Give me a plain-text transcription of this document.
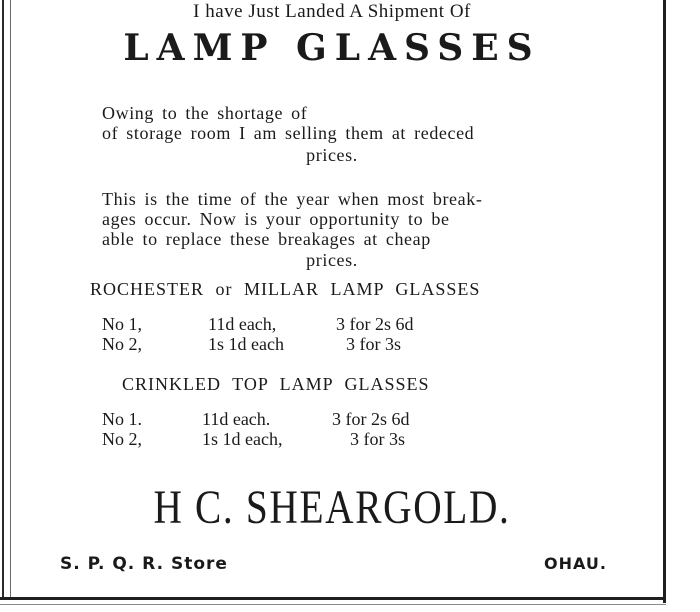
I have Just Landed A Shipment Of
LAMP GLASSES
Owing to the shortage of
of storage room I am selling them at redeced
prices.
This is the time of the year when most break-
ages occur. Now is your opportunity to be
able to replace these breakages at cheap
prices.
ROCHESTER or MILLAR LAMP GLASSES
No 1,	11d each,	3 for 2s 6d
No 2,	1s 1d each	3 for 3s
CRINKLED TOP LAMP GLASSES
No 1.	11d each.	3 for 2s 6d
No 2,	1s 1d each,	3 for 3s
H C. SHEARGOLD.
S. P. Q. R. Store	OHAU.
